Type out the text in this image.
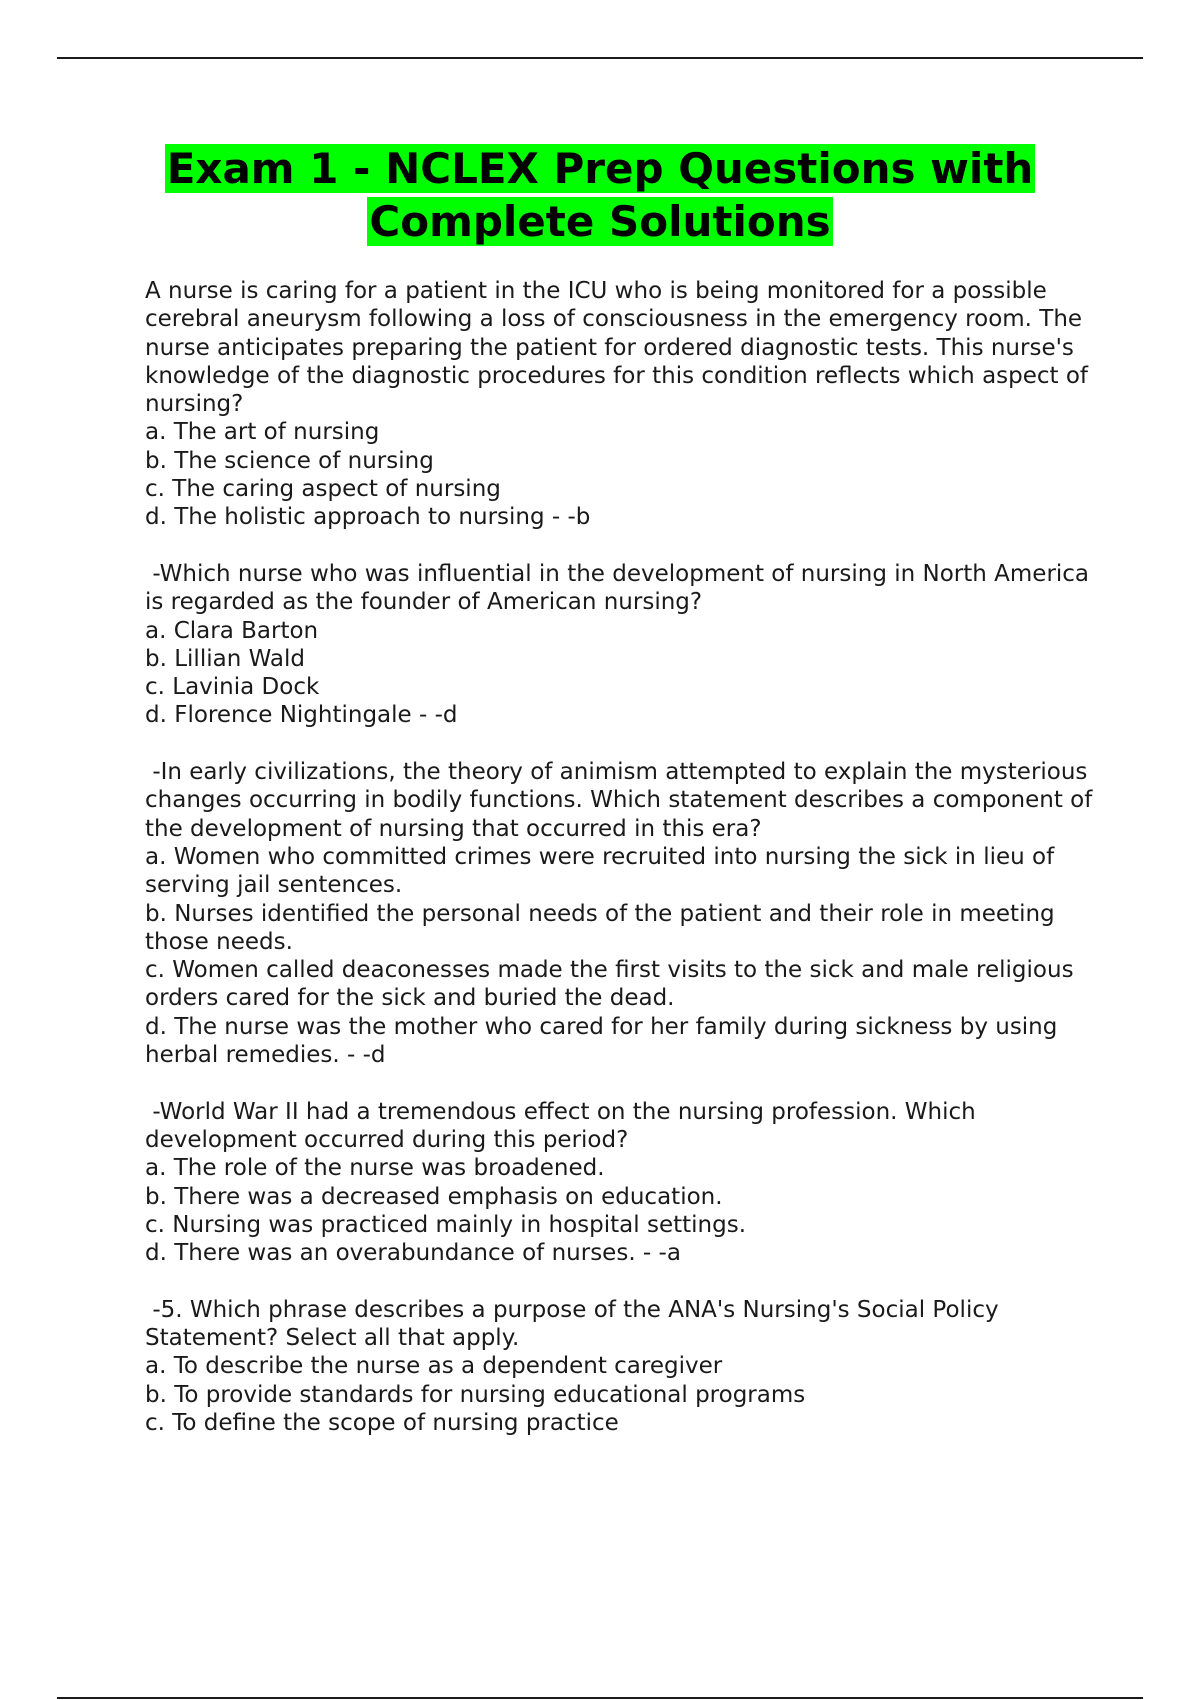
Exam 1 - NCLEX Prep Questions with
Complete Solutions

A nurse is caring for a patient in the ICU who is being monitored for a possible cerebral aneurysm following a loss of consciousness in the emergency room. The nurse anticipates preparing the patient for ordered diagnostic tests. This nurse's knowledge of the diagnostic procedures for this condition reflects which aspect of nursing?

a. The art of nursing

b. The science of nursing

c. The caring aspect of nursing

d. The holistic approach to nursing - -b

-Which nurse who was influential in the development of nursing in North America is regarded as the founder of American nursing?

a. Clara Barton

b. Lillian Wald

c. Lavinia Dock

d. Florence Nightingale - -d

-In early civilizations, the theory of animism attempted to explain the mysterious changes occurring in bodily functions. Which statement describes a component of the development of nursing that occurred in this era?

a. Women who committed crimes were recruited into nursing the sick in lieu of serving jail sentences.

b. Nurses identified the personal needs of the patient and their role in meeting those needs.

c. Women called deaconesses made the first visits to the sick and male religious orders cared for the sick and buried the dead.

d. The nurse was the mother who cared for her family during sickness by using herbal remedies. - -d

-World War II had a tremendous effect on the nursing profession. Which development occurred during this period?

a. The role of the nurse was broadened.

b. There was a decreased emphasis on education.

c. Nursing was practiced mainly in hospital settings.

d. There was an overabundance of nurses. - -a

-5. Which phrase describes a purpose of the ANA's Nursing's Social Policy Statement? Select all that apply.

a. To describe the nurse as a dependent caregiver

b. To provide standards for nursing educational programs

c. To define the scope of nursing practice
